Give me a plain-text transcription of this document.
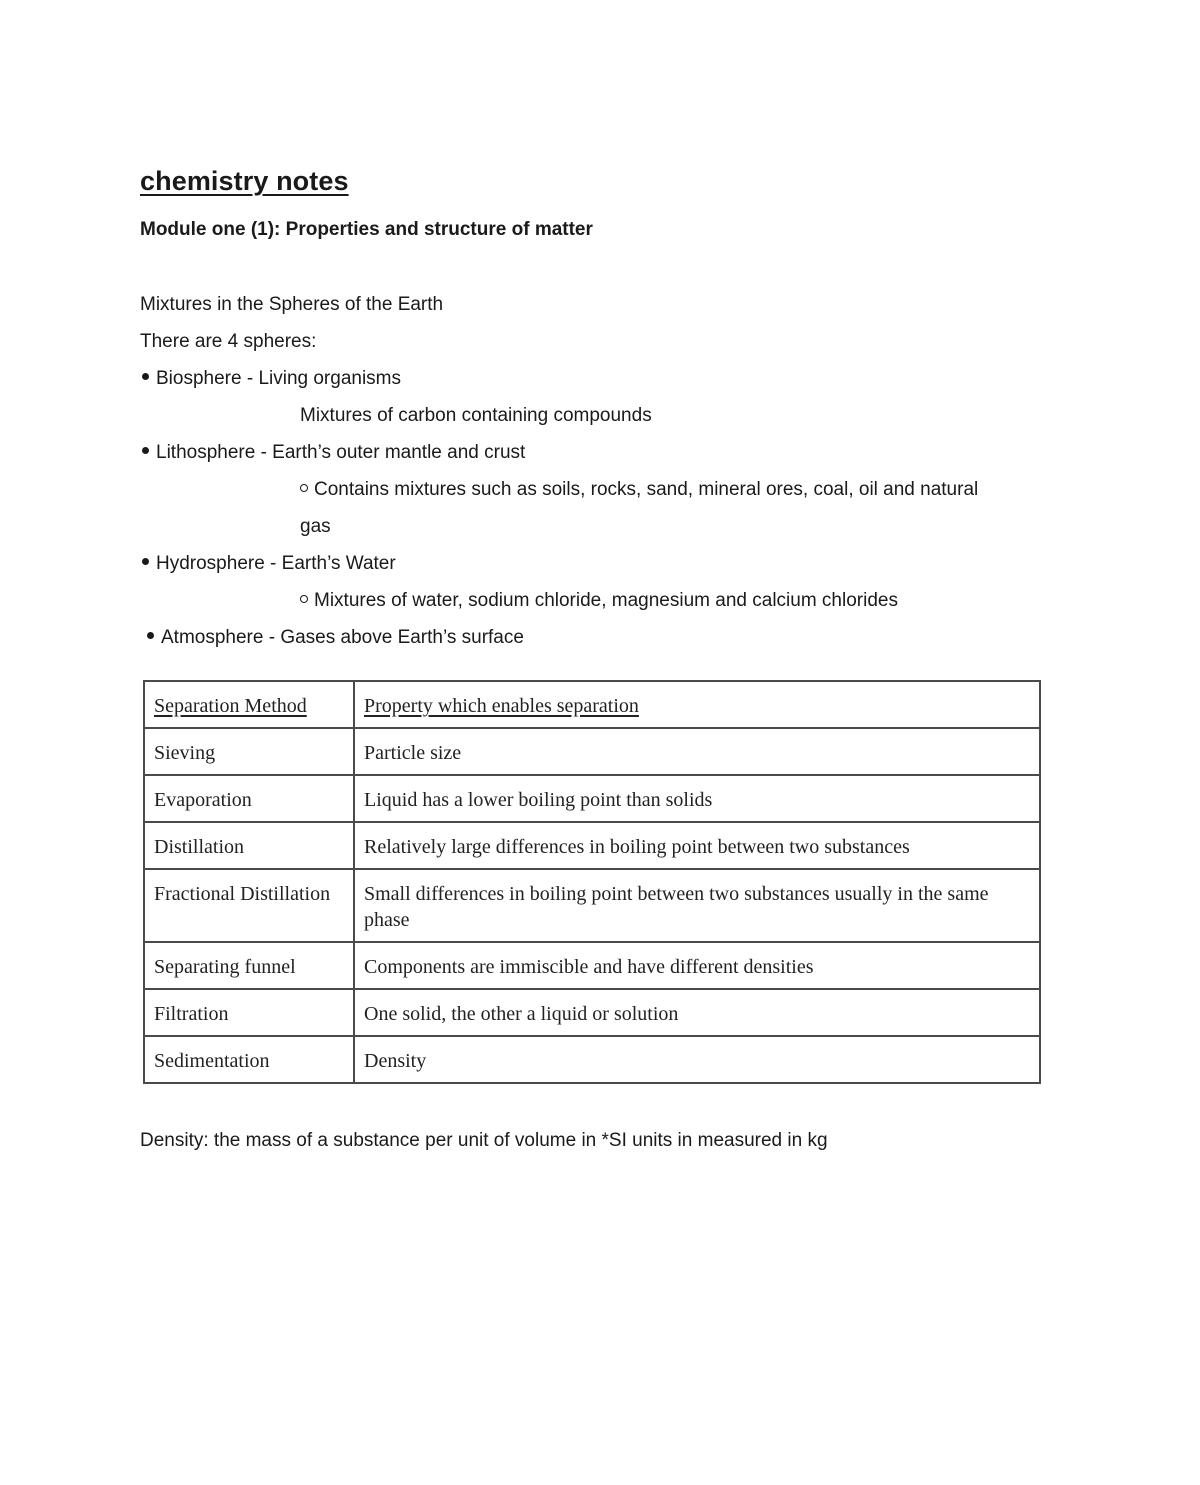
chemistry notes
Module one (1): Properties and structure of matter

Mixtures in the Spheres of the Earth

There are 4 spheres:

Biosphere - Living organisms

Mixtures of carbon containing compounds

Lithosphere - Earth’s outer mantle and crust

Contains mixtures such as soils, rocks, sand, mineral ores, coal, oil and natural

gas

Hydrosphere - Earth’s Water

Mixtures of water, sodium chloride, magnesium and calcium chlorides

Atmosphere - Gases above Earth’s surface

Separation Method	Property which enables separation
Sieving	Particle size
Evaporation	Liquid has a lower boiling point than solids
Distillation	Relatively large differences in boiling point between two substances
Fractional Distillation	Small differences in boiling point between two substances usually in the same phase
Separating funnel	Components are immiscible and have different densities
Filtration	One solid, the other a liquid or solution
Sedimentation	Density

Density: the mass of a substance per unit of volume in *SI units in measured in kg
